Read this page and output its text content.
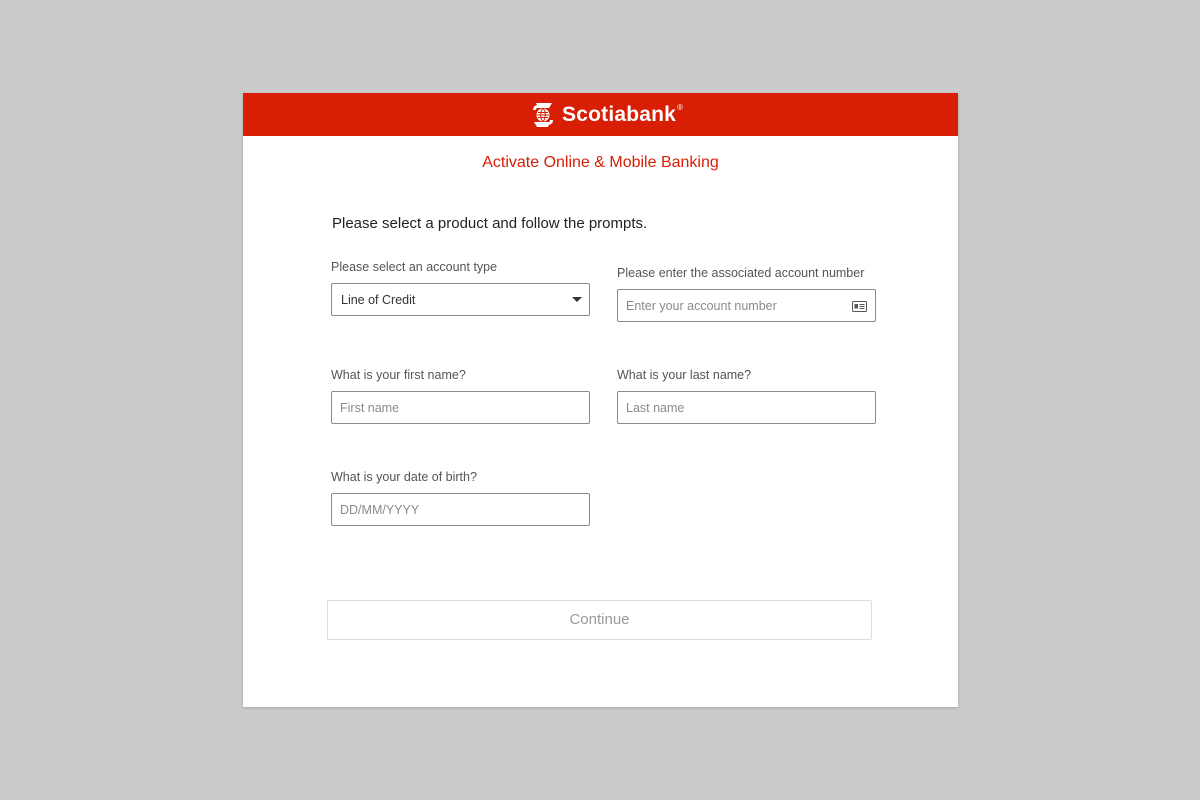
Scotiabank ®
Activate Online & Mobile Banking
Please select a product and follow the prompts.
Please select an account type
Line of Credit
Please enter the associated account number
Enter your account number
What is your first name?
First name	What is your last name?
Last name
What is your date of birth?
DD/MM/YYYY
Continue
